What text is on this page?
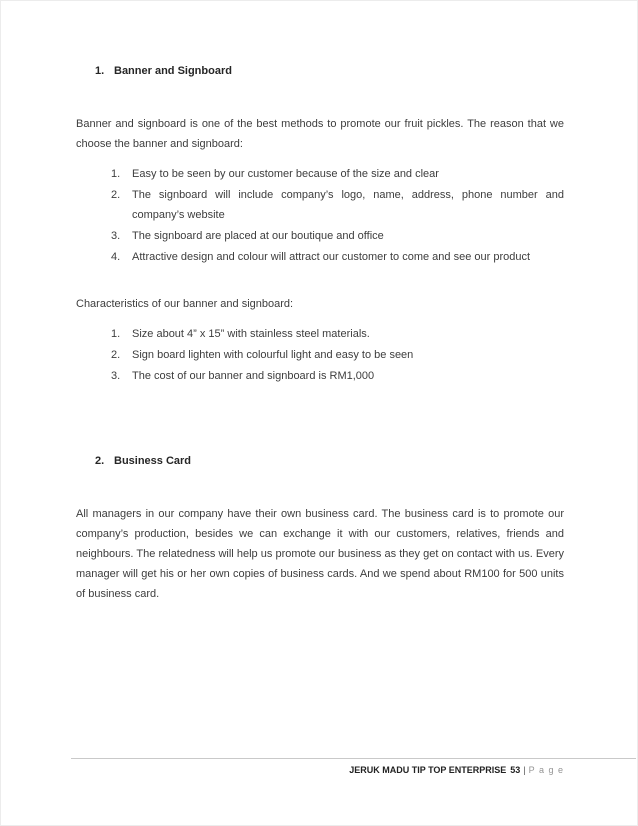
1. Banner and Signboard

Banner and signboard is one of the best methods to promote our fruit pickles. The reason that we choose the banner and signboard:

Easy to be seen by our customer because of the size and clear
The signboard will include company’s logo, name, address, phone number and company’s website
The signboard are placed at our boutique and office
Attractive design and colour will attract our customer to come and see our product

Characteristics of our banner and signboard:

Size about 4” x 15” with stainless steel materials.
Sign board lighten with colourful light and easy to be seen
The cost of our banner and signboard is RM1,000
2. Business Card

All managers in our company have their own business card. The business card is to promote our company’s production, besides we can exchange it with our customers, relatives, friends and neighbours. The relatedness will help us promote our business as they get on contact with us. Every manager will get his or her own copies of business cards. And we spend about RM100 for 500 units of business card.

JERUK MADU TIP TOP ENTERPRISE 53 | P a g e
